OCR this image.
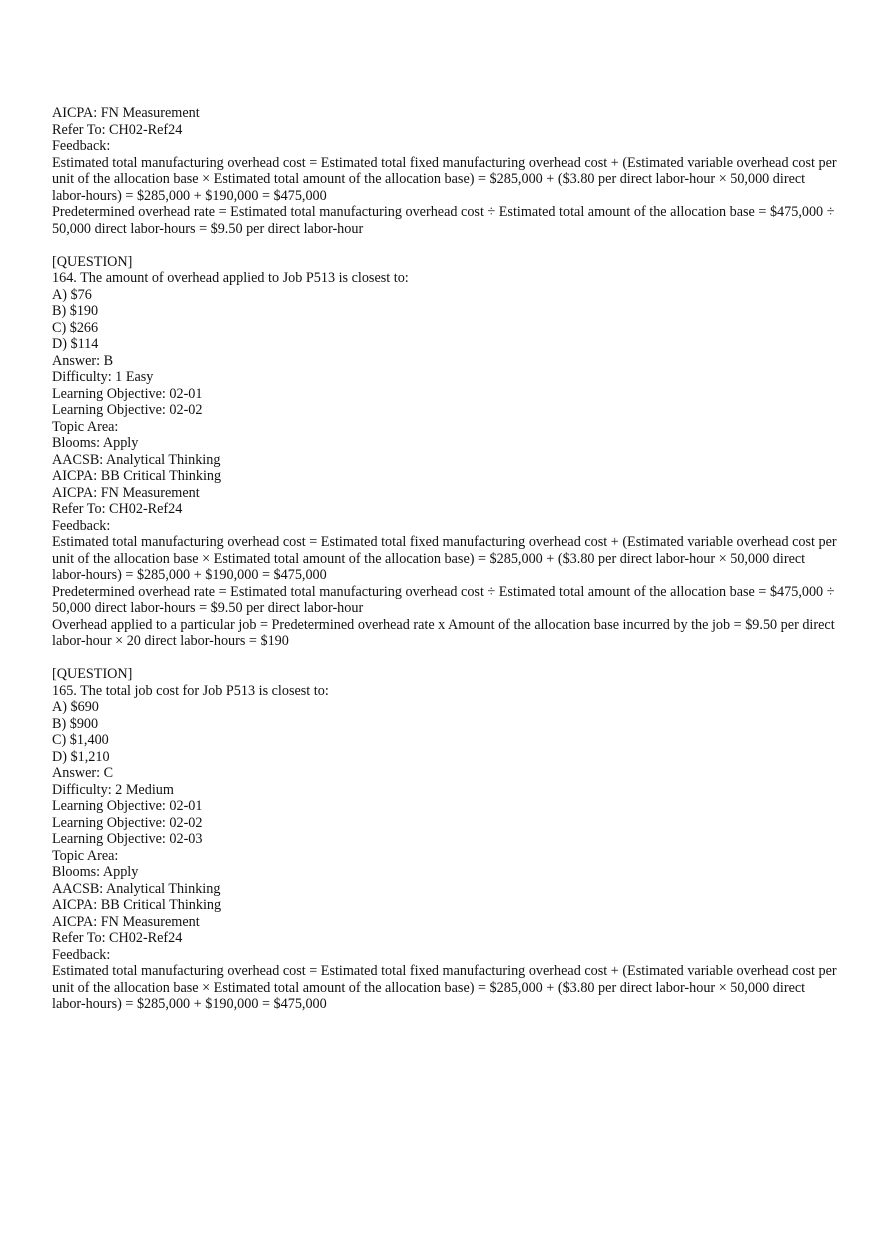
AICPA: FN Measurement

Refer To: CH02-Ref24

Feedback:

Estimated total manufacturing overhead cost = Estimated total fixed manufacturing overhead cost + (Estimated variable overhead cost per unit of the allocation base × Estimated total amount of the allocation base) = $285,000 + ($3.80 per direct labor-hour × 50,000 direct labor-hours) = $285,000 + $190,000 = $475,000

Predetermined overhead rate = Estimated total manufacturing overhead cost ÷ Estimated total amount of the allocation base = $475,000 ÷ 50,000 direct labor-hours = $9.50 per direct labor-hour

[QUESTION]

164. The amount of overhead applied to Job P513 is closest to:

A) $76

B) $190

C) $266

D) $114

Answer: B

Difficulty: 1 Easy

Learning Objective: 02-01

Learning Objective: 02-02

Topic Area:

Blooms: Apply

AACSB: Analytical Thinking

AICPA: BB Critical Thinking

AICPA: FN Measurement

Refer To: CH02-Ref24

Feedback:

Estimated total manufacturing overhead cost = Estimated total fixed manufacturing overhead cost + (Estimated variable overhead cost per unit of the allocation base × Estimated total amount of the allocation base) = $285,000 + ($3.80 per direct labor-hour × 50,000 direct labor-hours) = $285,000 + $190,000 = $475,000

Predetermined overhead rate = Estimated total manufacturing overhead cost ÷ Estimated total amount of the allocation base = $475,000 ÷ 50,000 direct labor-hours = $9.50 per direct labor-hour

Overhead applied to a particular job = Predetermined overhead rate x Amount of the allocation base incurred by the job = $9.50 per direct labor-hour × 20 direct labor-hours = $190

[QUESTION]

165. The total job cost for Job P513 is closest to:

A) $690

B) $900

C) $1,400

D) $1,210

Answer: C

Difficulty: 2 Medium

Learning Objective: 02-01

Learning Objective: 02-02

Learning Objective: 02-03

Topic Area:

Blooms: Apply

AACSB: Analytical Thinking

AICPA: BB Critical Thinking

AICPA: FN Measurement

Refer To: CH02-Ref24

Feedback:

Estimated total manufacturing overhead cost = Estimated total fixed manufacturing overhead cost + (Estimated variable overhead cost per unit of the allocation base × Estimated total amount of the allocation base) = $285,000 + ($3.80 per direct labor-hour × 50,000 direct labor-hours) = $285,000 + $190,000 = $475,000
